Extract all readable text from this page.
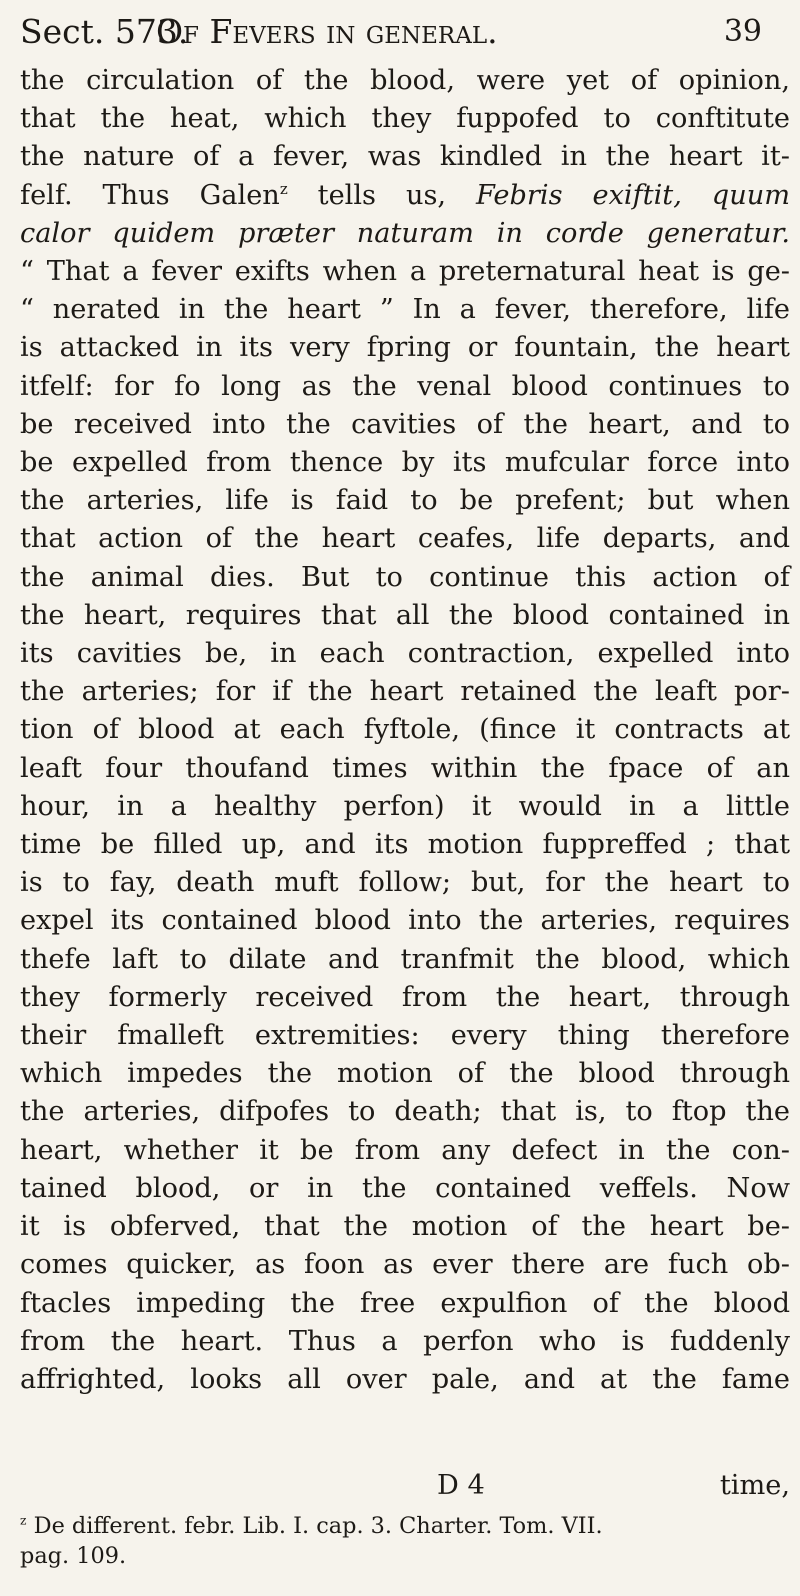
Sect. 573.
Of Fevers in general.	39
the circulation of the blood, were yet of opinion,
that the heat, which they fuppofed to conftitute
the nature of a fever, was kindled in the heart it-
felf. Thus Galen$^z$ tells us, Febris exiftit, quum
calor quidem præter naturam in corde generatur.
“ That a fever exifts when a preternatural heat is ge-
“ nerated in the heart ” In a fever, therefore, life
is attacked in its very fpring or fountain, the heart
itfelf: for fo long as the venal blood continues to
be received into the cavities of the heart, and to
be expelled from thence by its mufcular force into
the arteries, life is faid to be prefent; but when
that action of the heart ceafes, life departs, and
the animal dies. But to continue this action of
the heart, requires that all the blood contained in
its cavities be, in each contraction, expelled into
the arteries; for if the heart retained the leaft por-
tion of blood at each fyftole, (fince it contracts at
leaft four thoufand times within the fpace of an
hour, in a healthy perfon) it would in a little
time be filled up, and its motion fuppreffed ; that
is to fay, death muft follow; but, for the heart to
expel its contained blood into the arteries, requires
thefe laft to dilate and tranfmit the blood, which
they formerly received from the heart, through
their fmalleft extremities: every thing therefore
which impedes the motion of the blood through
the arteries, difpofes to death; that is, to ftop the
heart, whether it be from any defect in the con-
tained blood, or in the contained veffels. Now
it is obferved, that the motion of the heart be-
comes quicker, as foon as ever there are fuch ob-
ftacles impeding the free expulfion of the blood
from the heart. Thus a perfon who is fuddenly
affrighted, looks all over pale, and at the fame
D 4	time,
$^z$ De different. febr. Lib. I. cap. 3. Charter. Tom. VII.
pag. 109.
